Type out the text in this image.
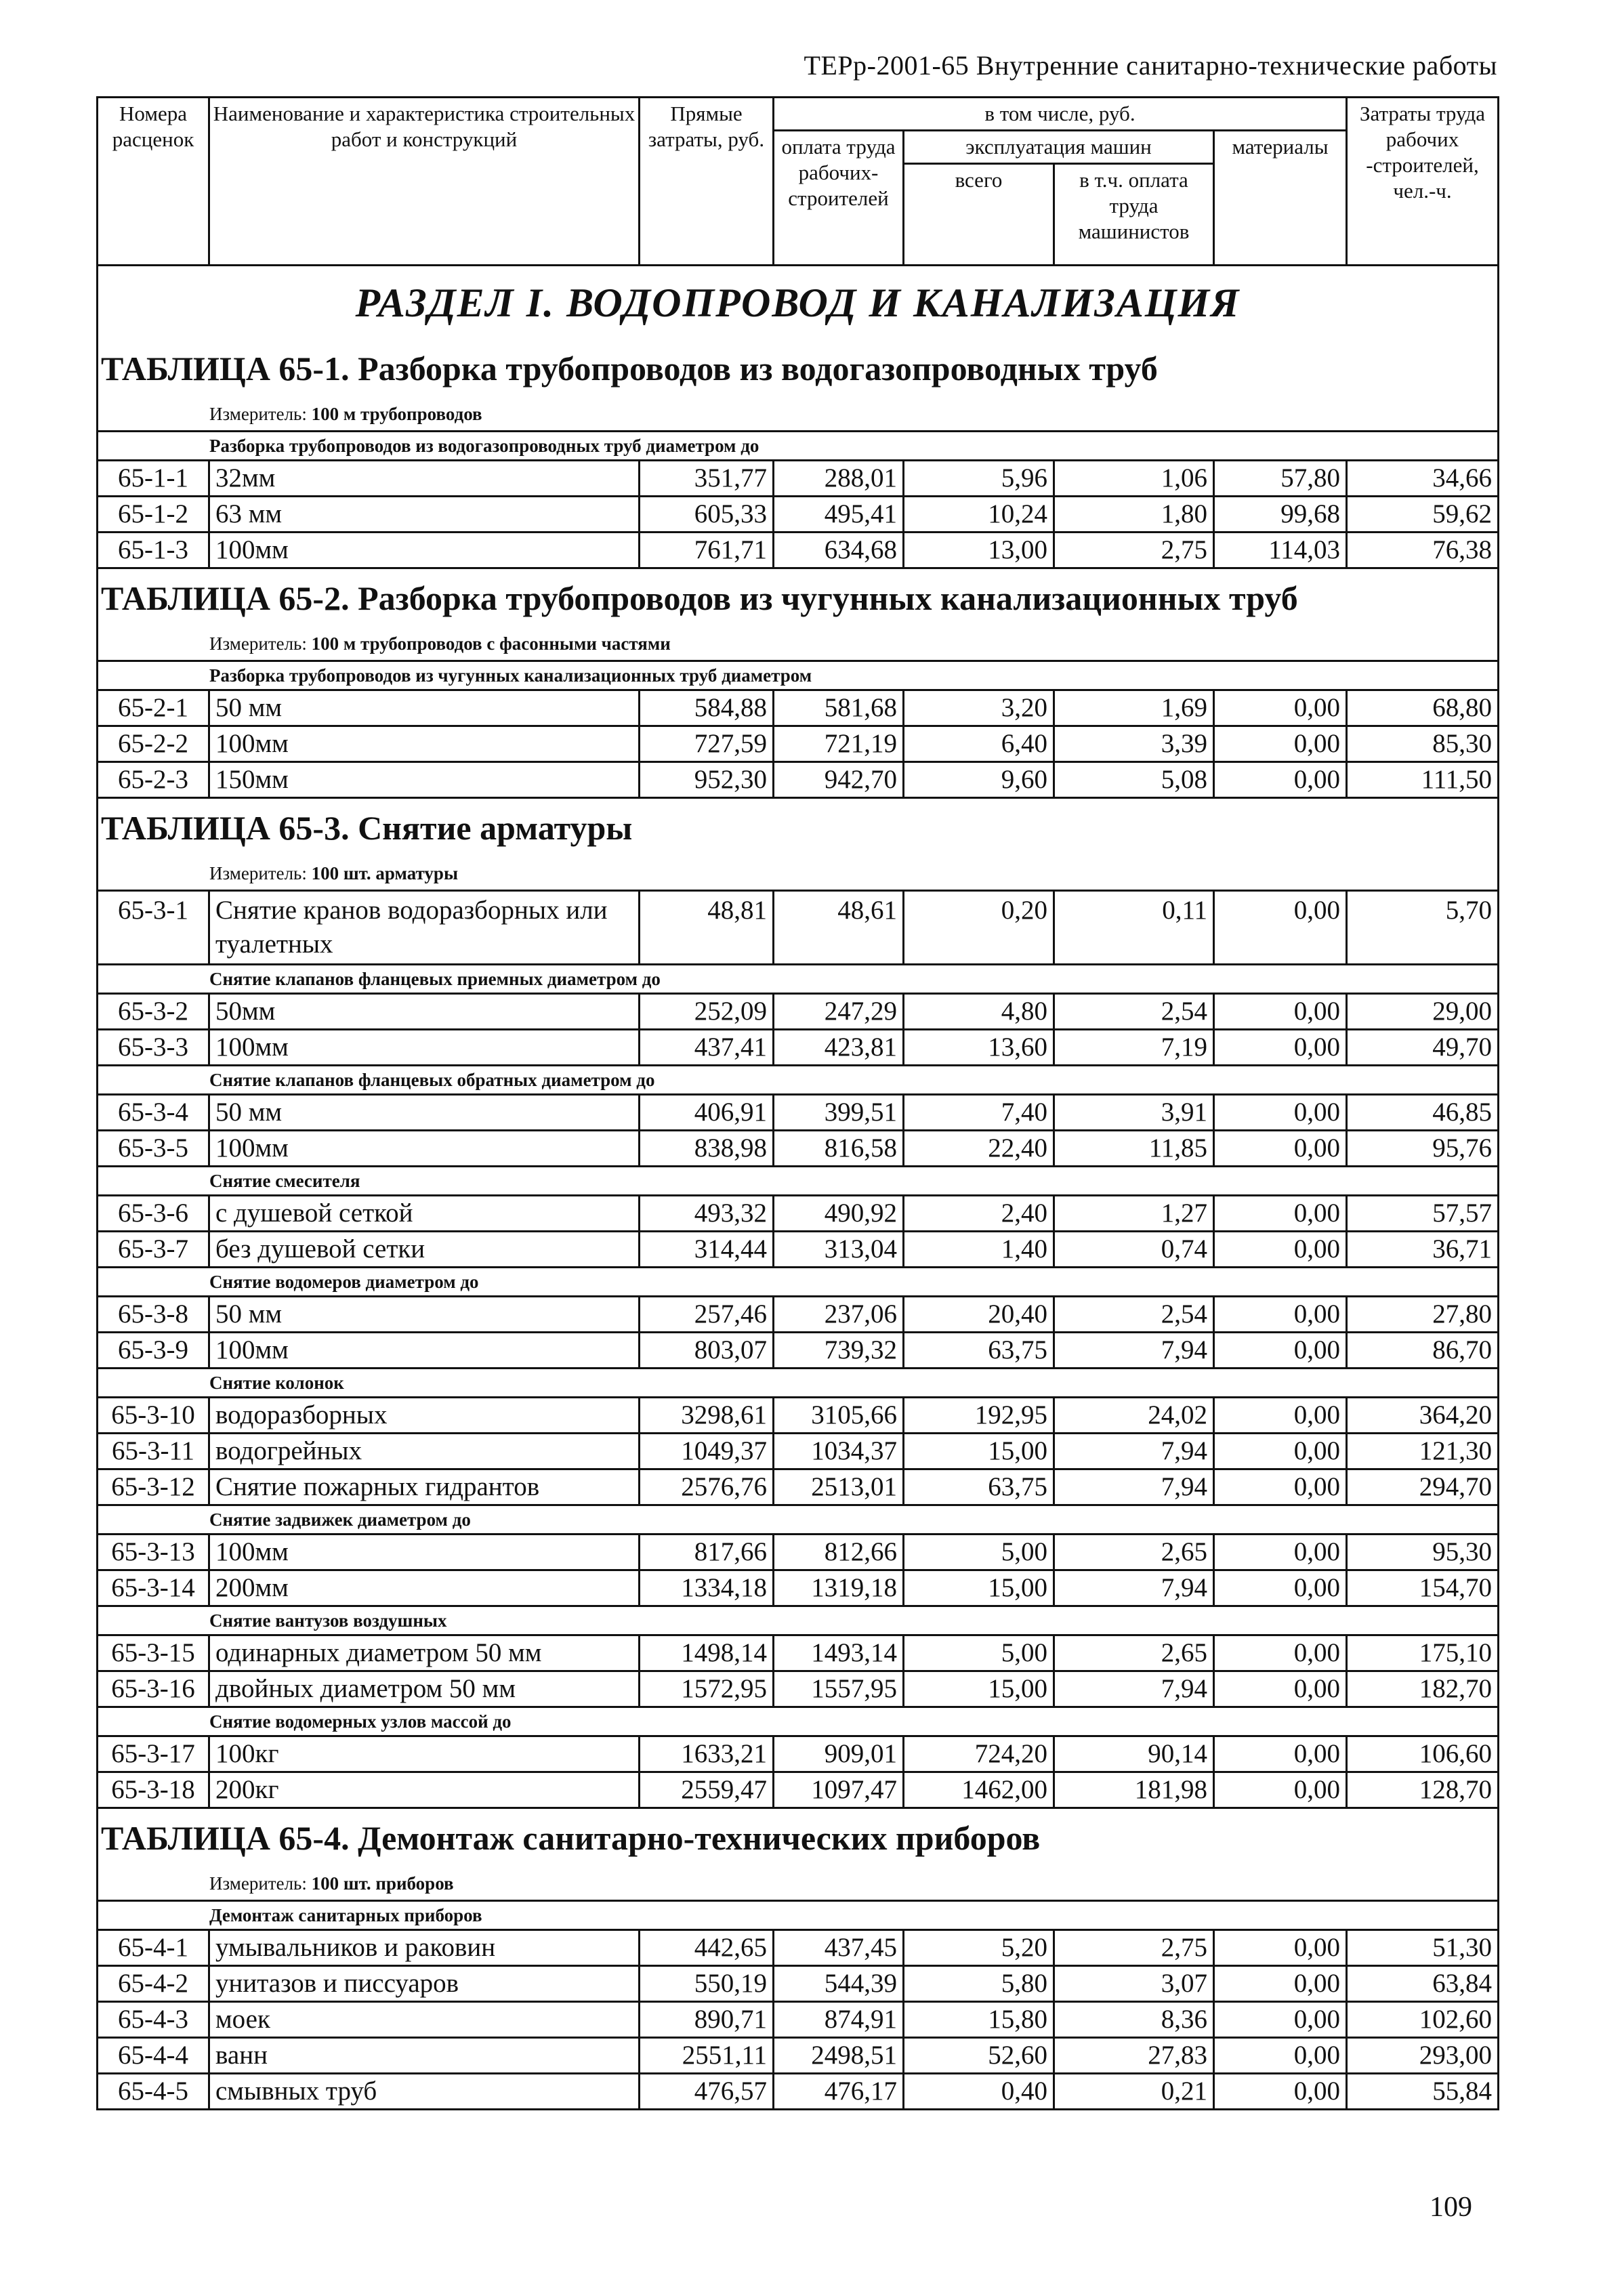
ТЕРр-2001-65 Внутренние санитарно-технические работы
Номера расценок	Наименование и характеристика строительных работ и конструкций	Прямые затраты, руб.	в том числе, руб.				Затраты труда рабочих -строителей, чел.-ч.
			оплата труда рабочих-строителей	эксплуатация машин		материалы	
				всего	в т.ч. оплата труда машинистов		
РАЗДЕЛ I. ВОДОПРОВОД И КАНАЛИЗАЦИЯ							
ТАБЛИЦА 65-1. Разборка трубопроводов из водогазопроводных труб							
Измеритель: 100 м трубопроводов							
Разборка трубопроводов из водогазопроводных труб диаметром до							
65-1-1	32мм	351,77	288,01	5,96	1,06	57,80	34,66
65-1-2	63 мм	605,33	495,41	10,24	1,80	99,68	59,62
65-1-3	100мм	761,71	634,68	13,00	2,75	114,03	76,38
ТАБЛИЦА 65-2. Разборка трубопроводов из чугунных канализационных труб							
Измеритель: 100 м трубопроводов с фасонными частями							
Разборка трубопроводов из чугунных канализационных труб диаметром							
65-2-1	50 мм	584,88	581,68	3,20	1,69	0,00	68,80
65-2-2	100мм	727,59	721,19	6,40	3,39	0,00	85,30
65-2-3	150мм	952,30	942,70	9,60	5,08	0,00	111,50
ТАБЛИЦА 65-3. Снятие арматуры							
Измеритель: 100 шт. арматуры							
65-3-1	Снятие кранов водоразборных или туалетных	48,81	48,61	0,20	0,11	0,00	5,70
Снятие клапанов фланцевых приемных диаметром до							
65-3-2	50мм	252,09	247,29	4,80	2,54	0,00	29,00
65-3-3	100мм	437,41	423,81	13,60	7,19	0,00	49,70
Снятие клапанов фланцевых обратных диаметром до							
65-3-4	50 мм	406,91	399,51	7,40	3,91	0,00	46,85
65-3-5	100мм	838,98	816,58	22,40	11,85	0,00	95,76
Снятие смесителя							
65-3-6	с душевой сеткой	493,32	490,92	2,40	1,27	0,00	57,57
65-3-7	без душевой сетки	314,44	313,04	1,40	0,74	0,00	36,71
Снятие водомеров диаметром до							
65-3-8	50 мм	257,46	237,06	20,40	2,54	0,00	27,80
65-3-9	100мм	803,07	739,32	63,75	7,94	0,00	86,70
Снятие колонок							
65-3-10	водоразборных	3298,61	3105,66	192,95	24,02	0,00	364,20
65-3-11	водогрейных	1049,37	1034,37	15,00	7,94	0,00	121,30
65-3-12	Снятие пожарных гидрантов	2576,76	2513,01	63,75	7,94	0,00	294,70
Снятие задвижек диаметром до							
65-3-13	100мм	817,66	812,66	5,00	2,65	0,00	95,30
65-3-14	200мм	1334,18	1319,18	15,00	7,94	0,00	154,70
Снятие вантузов воздушных							
65-3-15	одинарных диаметром 50 мм	1498,14	1493,14	5,00	2,65	0,00	175,10
65-3-16	двойных диаметром 50 мм	1572,95	1557,95	15,00	7,94	0,00	182,70
Снятие водомерных узлов массой до							
65-3-17	100кг	1633,21	909,01	724,20	90,14	0,00	106,60
65-3-18	200кг	2559,47	1097,47	1462,00	181,98	0,00	128,70
ТАБЛИЦА 65-4. Демонтаж санитарно-технических приборов							
Измеритель: 100 шт. приборов							
Демонтаж санитарных приборов							
65-4-1	умывальников и раковин	442,65	437,45	5,20	2,75	0,00	51,30
65-4-2	унитазов и писсуаров	550,19	544,39	5,80	3,07	0,00	63,84
65-4-3	моек	890,71	874,91	15,80	8,36	0,00	102,60
65-4-4	ванн	2551,11	2498,51	52,60	27,83	0,00	293,00
65-4-5	смывных труб	476,57	476,17	0,40	0,21	0,00	55,84
109
